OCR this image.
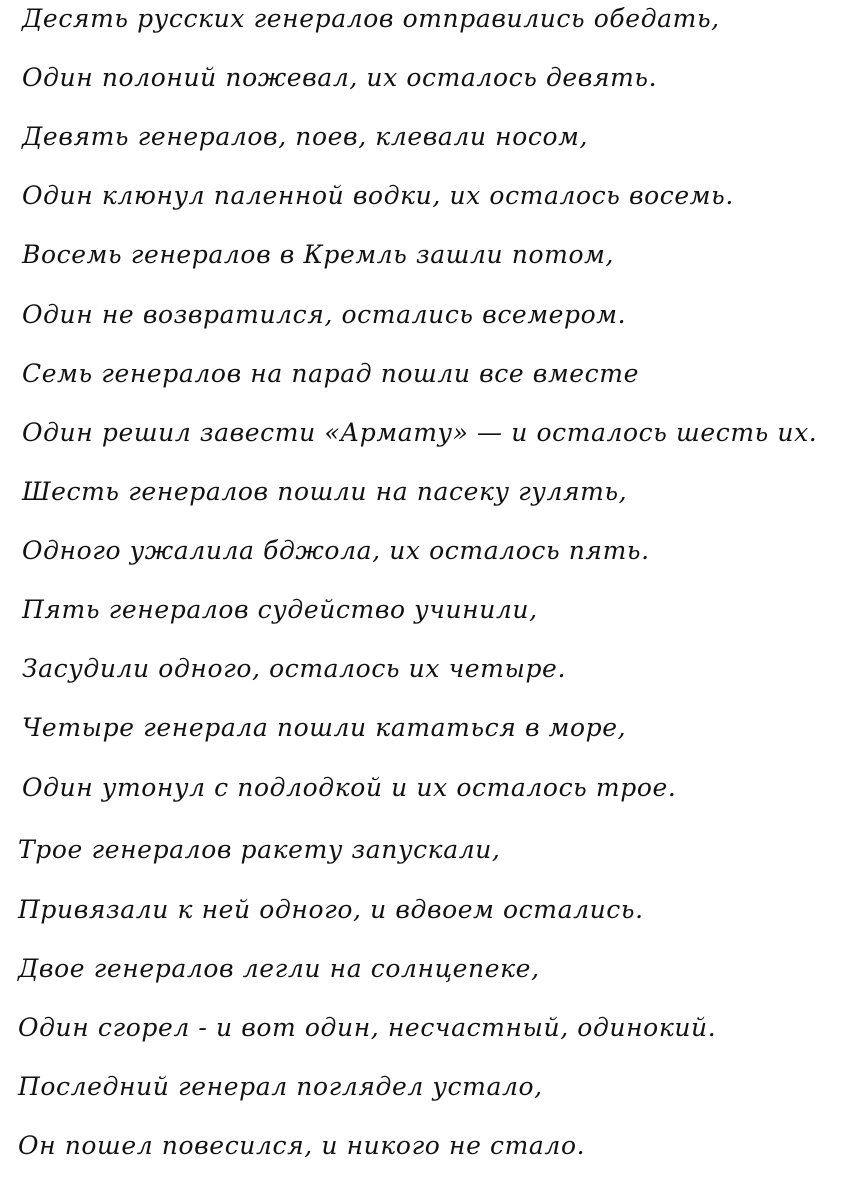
Десять русских генералов отправились обедать,
Один полоний пожевал, их осталось девять.
Девять генералов, поев, клевали носом,
Один клюнул паленной водки, их осталось восемь.
Восемь генералов в Кремль зашли потом,
Один не возвратился, остались всемером.
Семь генералов на парад пошли все вместе
Один решил завести «Армату» — и осталось шесть их.
Шесть генералов пошли на пасеку гулять,
Одного ужалила бджола, их осталось пять.
Пять генералов судейство учинили,
Засудили одного, осталось их четыре.
Четыре генерала пошли кататься в море,
Один утонул с подлодкой и их осталось трое.
Трое генералов ракету запускали,
Привязали к ней одного, и вдвоем остались.
Двое генералов легли на солнцепеке,
Один сгорел - и вот один, несчастный, одинокий.
Последний генерал поглядел устало,
Он пошел повесился, и никого не стало.
